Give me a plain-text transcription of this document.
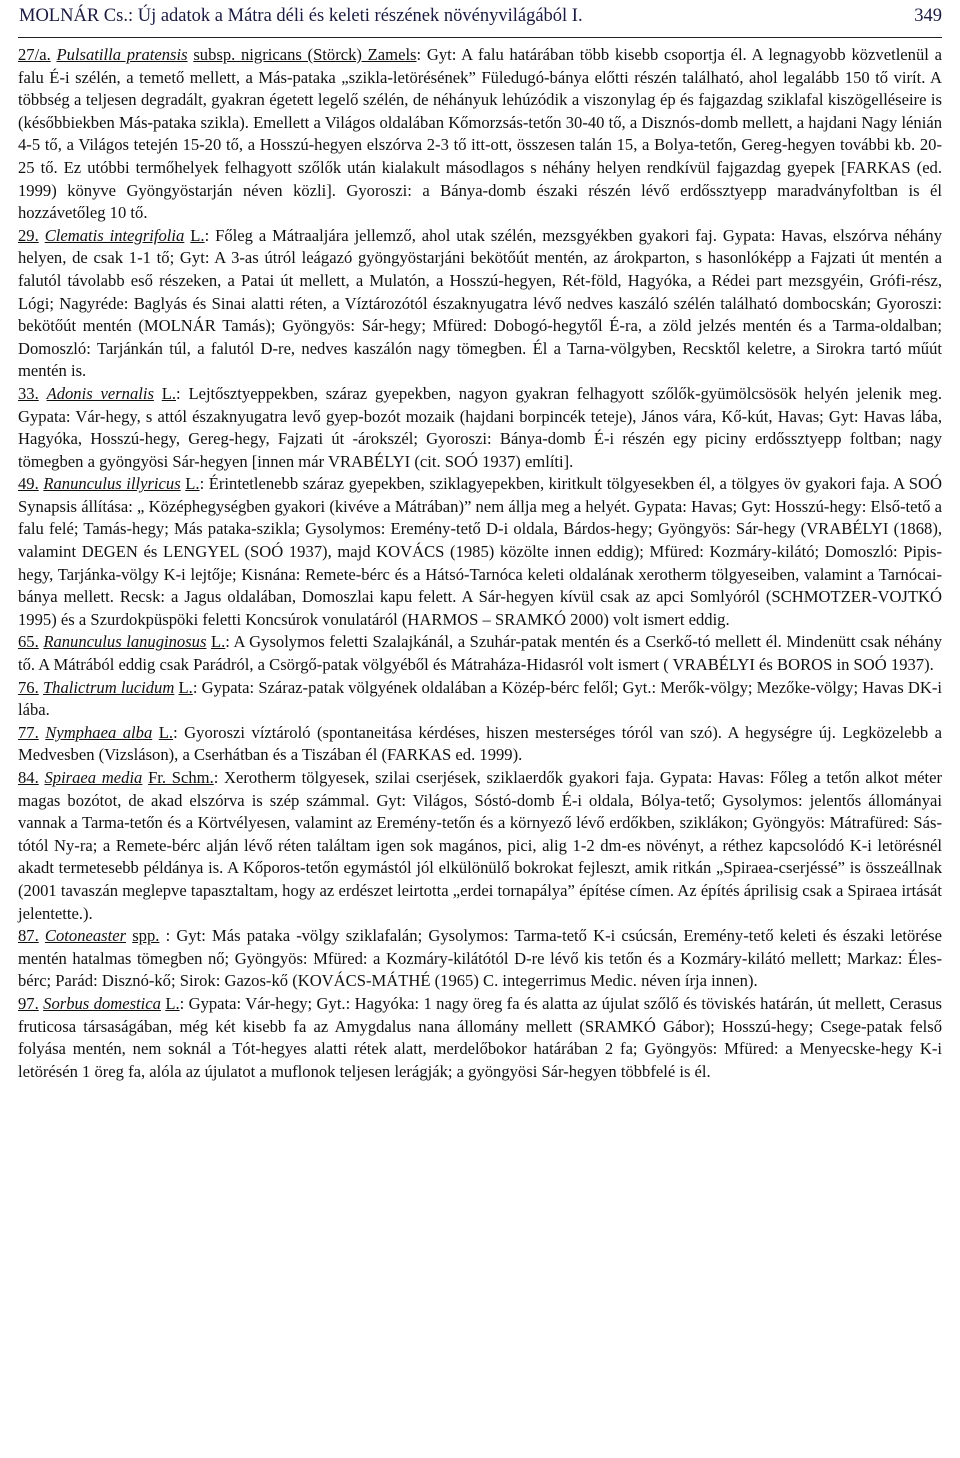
MOLNÁR Cs.: Új adatok a Mátra déli és keleti részének növényvilágából I.	349

27/a. Pulsatilla pratensis subsp. nigricans (Störck) Zamels: Gyt: A falu határában több kisebb csoportja él. A legnagyobb közvetlenül a falu É-i szélén, a temető mellett, a Más-pataka „szikla-letörésének” Füledugó-bánya előtti részén található, ahol legalább 150 tő virít. A többség a teljesen degradált, gyakran égetett legelő szélén, de néhányuk lehúzódik a viszonylag ép és fajgazdag sziklafal kiszögelléseire is (későbbiekben Más-pataka szikla). Emellett a Világos oldalában Kőmorzsás-tetőn 30-40 tő, a Disznós-domb mellett, a hajdani Nagy lénián 4-5 tő, a Világos tetején 15-20 tő, a Hosszú-hegyen elszórva 2-3 tő itt-ott, összesen talán 15, a Bolya-tetőn, Gereg-hegyen további kb. 20-25 tő. Ez utóbbi termőhelyek felhagyott szőlők után kialakult másodlagos s néhány helyen rendkívül fajgazdag gyepek [FARKAS (ed. 1999) könyve Gyöngyöstarján néven közli]. Gyoroszi: a Bánya-domb északi részén lévő erdőssztyepp maradványfoltban is él hozzávetőleg 10 tő.

29. Clematis integrifolia L.: Főleg a Mátraaljára jellemző, ahol utak szélén, mezsgyékben gyakori faj. Gypata: Havas, elszórva néhány helyen, de csak 1-1 tő; Gyt: A 3-as útról leágazó gyöngyöstarjáni bekötőút mentén, az árokparton, s hasonlóképp a Fajzati út mentén a falutól távolabb eső részeken, a Patai út mellett, a Mulatón, a Hosszú-hegyen, Rét-föld, Hagyóka, a Rédei part mezsgyéin, Grófi-rész, Lógi; Nagyréde: Baglyás és Sinai alatti réten, a Víztározótól északnyugatra lévő nedves kaszáló szélén található dombocskán; Gyoroszi: bekötőút mentén (MOLNÁR Tamás); Gyöngyös: Sár-hegy; Mfüred: Dobogó-hegytől É-ra, a zöld jelzés mentén és a Tarma-oldalban; Domoszló: Tarjánkán túl, a falutól D-re, nedves kaszálón nagy tömegben. Él a Tarna-völgyben, Recsktől keletre, a Sirokra tartó műút mentén is.

33. Adonis vernalis L.: Lejtősztyeppekben, száraz gyepekben, nagyon gyakran felhagyott szőlők-gyümölcsösök helyén jelenik meg. Gypata: Vár-hegy, s attól északnyugatra levő gyep-bozót mozaik (hajdani borpincék teteje), János vára, Kő-kút, Havas; Gyt: Havas lába, Hagyóka, Hosszú-hegy, Gereg-hegy, Fajzati út -árokszél; Gyoroszi: Bánya-domb É-i részén egy piciny erdőssztyepp foltban; nagy tömegben a gyöngyösi Sár-hegyen [innen már VRABÉLYI (cit. SOÓ 1937) említi].

49. Ranunculus illyricus L.: Érintetlenebb száraz gyepekben, sziklagyepekben, kiritkult tölgyesekben él, a tölgyes öv gyakori faja. A SOÓ Synapsis állítása: „ Középhegységben gyakori (kivéve a Mátrában)” nem állja meg a helyét. Gypata: Havas; Gyt: Hosszú-hegy: Első-tető a falu felé; Tamás-hegy; Más pataka-szikla; Gysolymos: Eremény-tető D-i oldala, Bárdos-hegy; Gyöngyös: Sár-hegy (VRABÉLYI (1868), valamint DEGEN és LENGYEL (SOÓ 1937), majd KOVÁCS (1985) közölte innen eddig); Mfüred: Kozmáry-kilátó; Domoszló: Pipis-hegy, Tarjánka-völgy K-i lejtője; Kisnána: Remete-bérc és a Hátsó-Tarnóca keleti oldalának xerotherm tölgyeseiben, valamint a Tarnócai-bánya mellett. Recsk: a Jagus oldalában, Domoszlai kapu felett. A Sár-hegyen kívül csak az apci Somlyóról (SCHMOTZER-VOJTKÓ 1995) és a Szurdokpüspöki feletti Koncsúrok vonulatáról (HARMOS – SRAMKÓ 2000) volt ismert eddig.

65. Ranunculus lanuginosus L.: A Gysolymos feletti Szalajkánál, a Szuhár-patak mentén és a Cserkő-tó mellett él. Mindenütt csak néhány tő. A Mátrából eddig csak Parádról, a Csörgő-patak völgyéből és Mátraháza-Hidasról volt ismert ( VRABÉLYI és BOROS in SOÓ 1937).

76. Thalictrum lucidum L.: Gypata: Száraz-patak völgyének oldalában a Közép-bérc felől; Gyt.: Merők-völgy; Mezőke-völgy; Havas DK-i lába.

77. Nymphaea alba L.: Gyoroszi víztároló (spontaneitása kérdéses, hiszen mesterséges tóról van szó). A hegységre új. Legközelebb a Medvesben (Vizsláson), a Cserhátban és a Tiszában él (FARKAS ed. 1999).

84. Spiraea media Fr. Schm.: Xerotherm tölgyesek, szilai cserjések, sziklaerdők gyakori faja. Gypata: Havas: Főleg a tetőn alkot méter magas bozótot, de akad elszórva is szép számmal. Gyt: Világos, Sóstó-domb É-i oldala, Bólya-tető; Gysolymos: jelentős állományai vannak a Tarma-tetőn és a Körtvélyesen, valamint az Eremény-tetőn és a környező lévő erdőkben, sziklákon; Gyöngyös: Mátrafüred: Sás-tótól Ny-ra; a Remete-bérc alján lévő réten találtam igen sok magános, pici, alig 1-2 dm-es növényt, a réthez kapcsolódó K-i letörésnél akadt termetesebb példánya is. A Kőporos-tetőn egymástól jól elkülönülő bokrokat fejleszt, amik ritkán „Spiraea-cserjéssé” is összeállnak (2001 tavaszán meglepve tapasztaltam, hogy az erdészet leirtotta „erdei tornapálya” építése címen. Az építés áprilisig csak a Spiraea irtását jelentette.).

87. Cotoneaster spp. : Gyt: Más pataka -völgy sziklafalán; Gysolymos: Tarma-tető K-i csúcsán, Eremény-tető keleti és északi letörése mentén hatalmas tömegben nő; Gyöngyös: Mfüred: a Kozmáry-kilátótól D-re lévő kis tetőn és a Kozmáry-kilátó mellett; Markaz: Éles-bérc; Parád: Disznó-kő; Sirok: Gazos-kő (KOVÁCS-MÁTHÉ (1965) C. integerrimus Medic. néven írja innen).

97. Sorbus domestica L.: Gypata: Vár-hegy; Gyt.: Hagyóka: 1 nagy öreg fa és alatta az újulat szőlő és töviskés határán, út mellett, Cerasus fruticosa társaságában, még két kisebb fa az Amygdalus nana állomány mellett (SRAMKÓ Gábor); Hosszú-hegy; Csege-patak felső folyása mentén, nem soknál a Tót-hegyes alatti rétek alatt, merdelőbokor határában 2 fa; Gyöngyös: Mfüred: a Menyecske-hegy K-i letörésén 1 öreg fa, alóla az újulatot a muflonok teljesen lerágják; a gyöngyösi Sár-hegyen többfelé is él.
